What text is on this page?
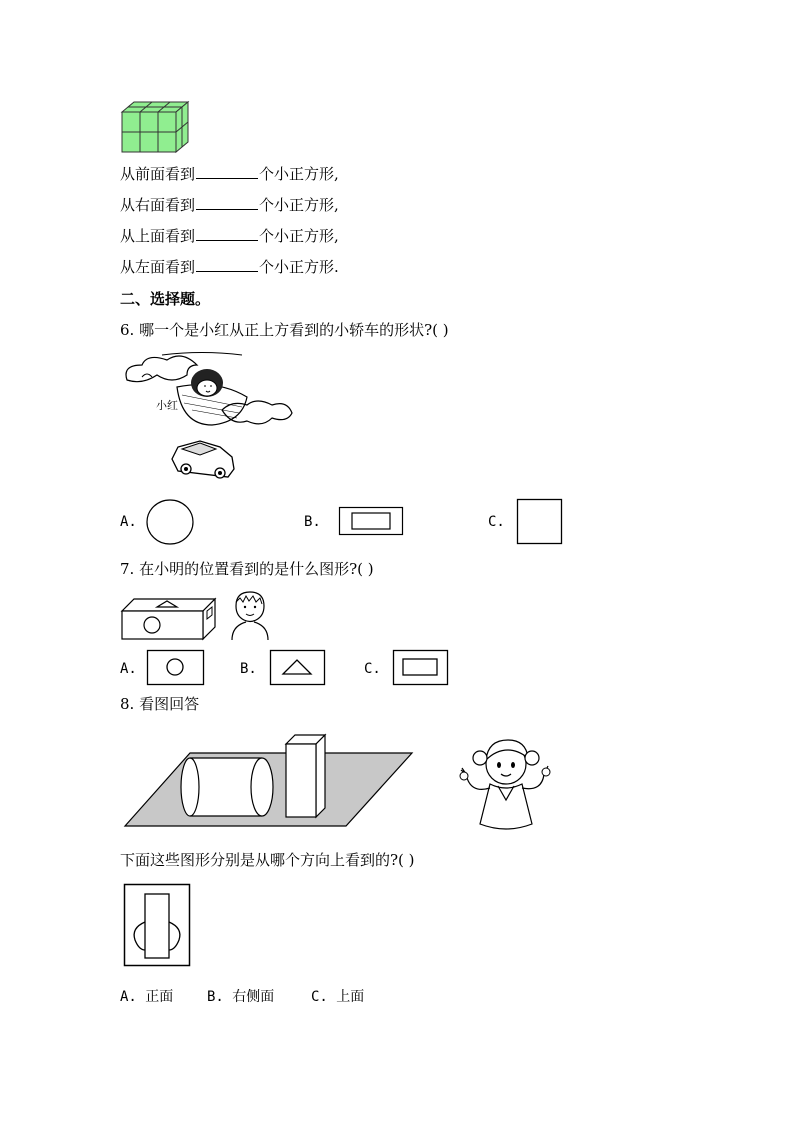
从前面看到	个小正方形,
从右面看到	个小正方形,
从上面看到	个小正方形,
从左面看到	个小正方形.
二、选择题。
6. 哪一个是小红从正上方看到的小轿车的形状?( )
小红
A.	B.	C.
7. 在小明的位置看到的是什么图形?( )
A.	B.	C.
8. 看图回答
下面这些图形分别是从哪个方向上看到的?( )
A. 正面 B. 右侧面	C. 上面
